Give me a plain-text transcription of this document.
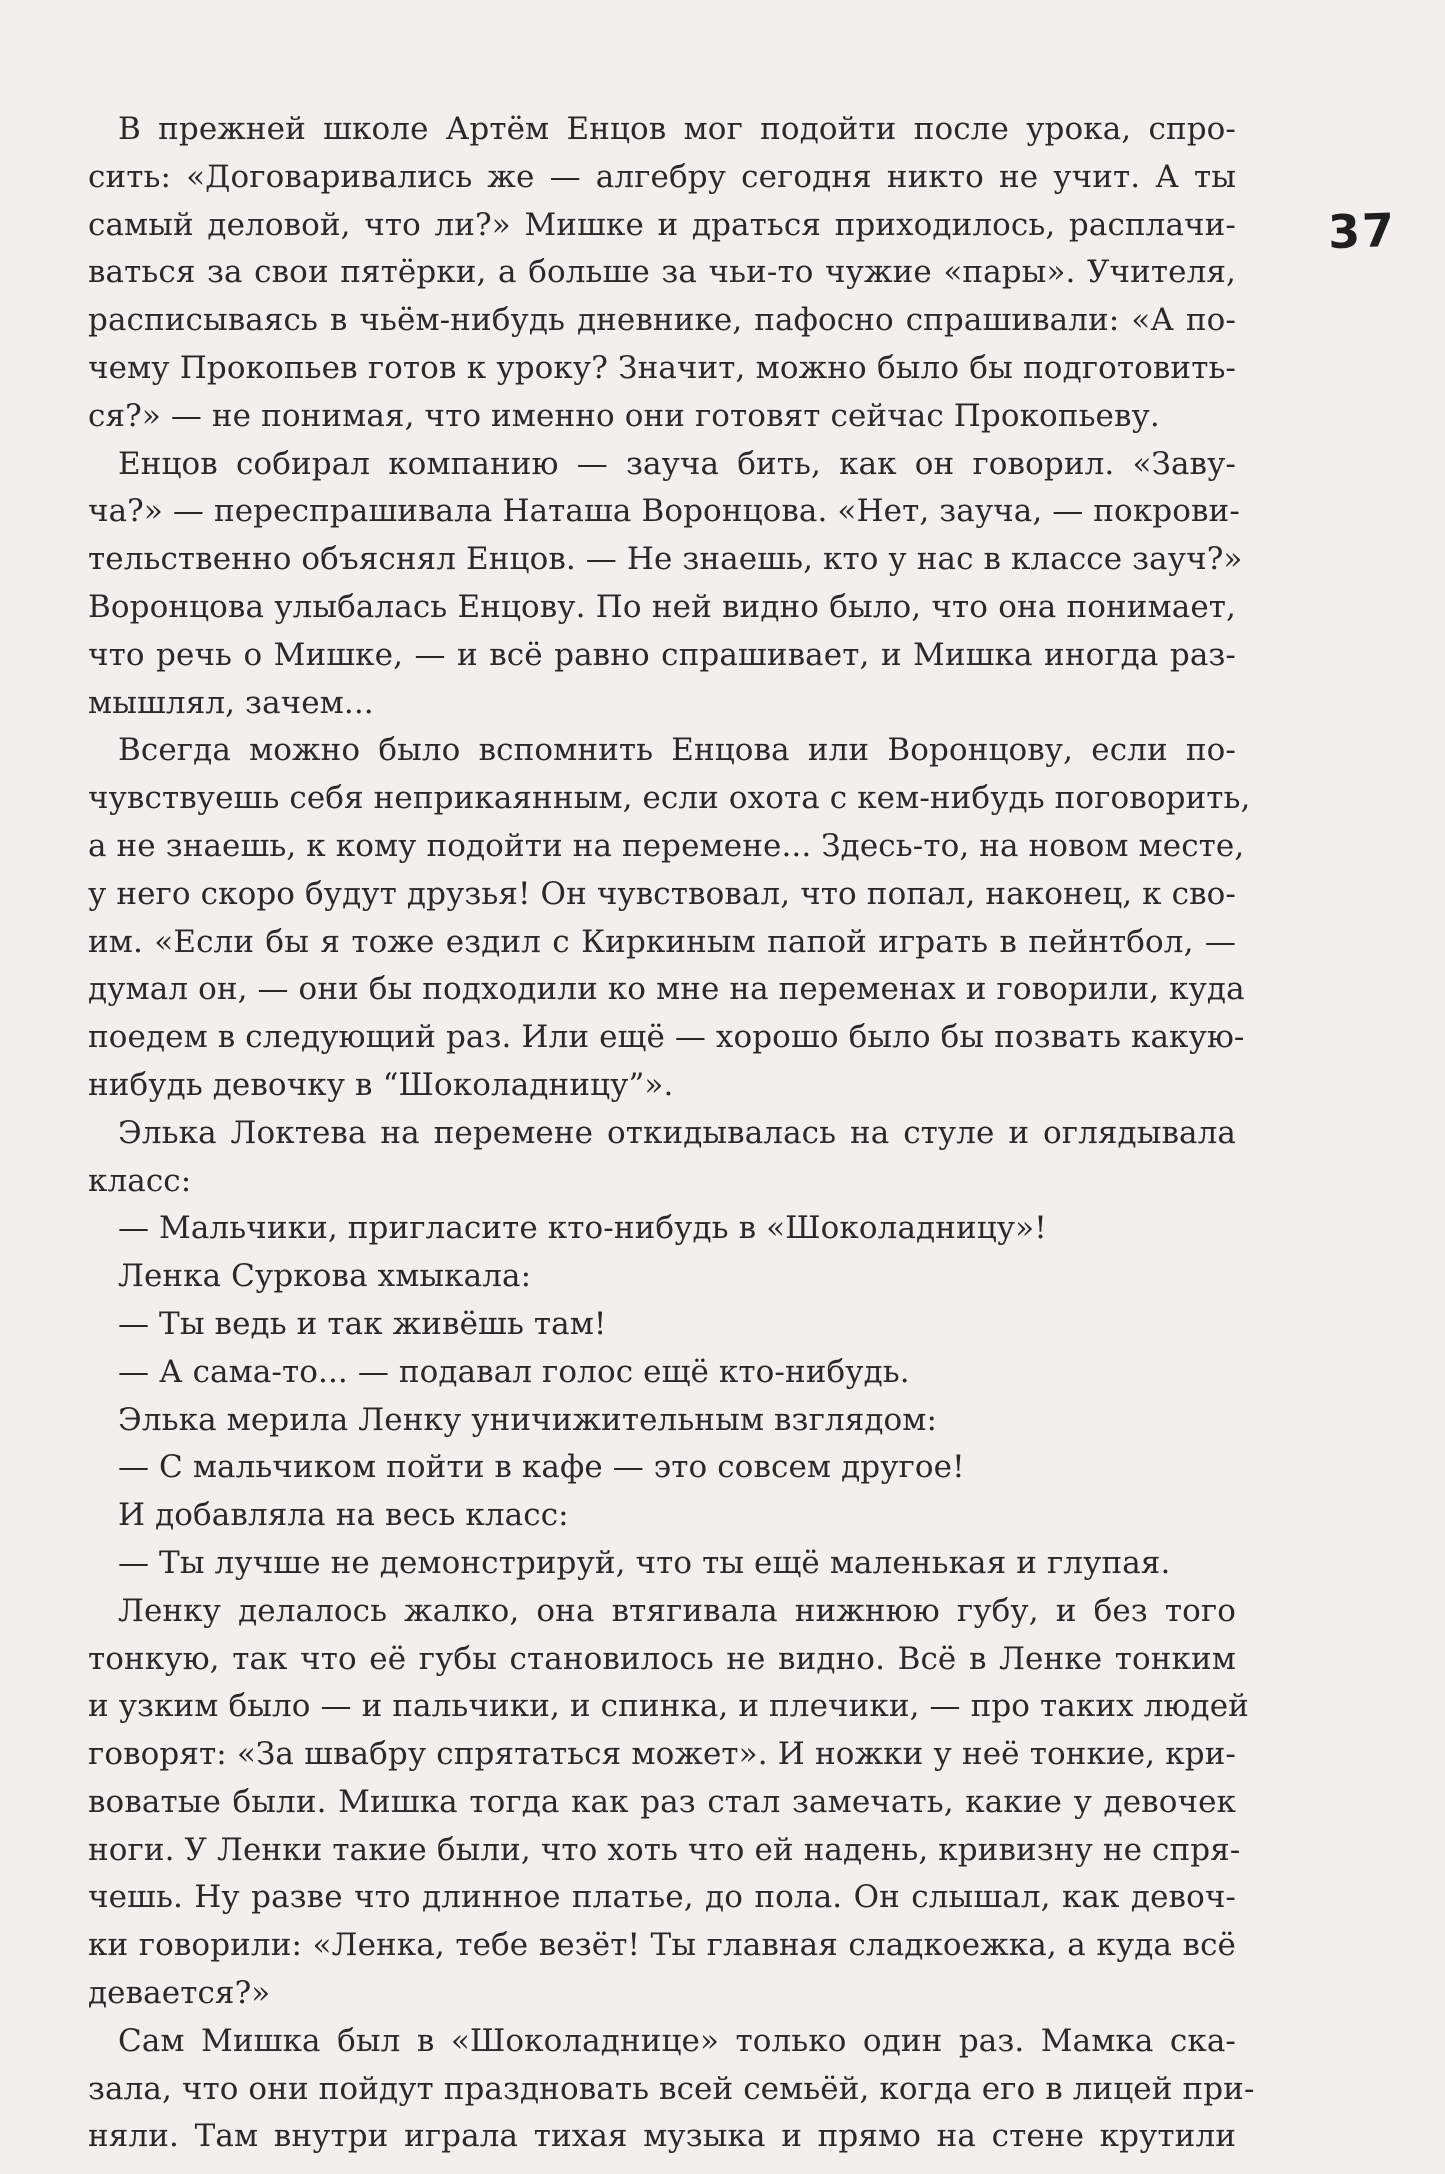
37
В прежней школе Артём Енцов мог подойти после урока, спро-
сить: «Договаривались же — алгебру сегодня никто не учит. А ты
самый деловой, что ли?» Мишке и драться приходилось, расплачи-
ваться за свои пятёрки, а больше за чьи-то чужие «пары». Учителя,
расписываясь в чьём-нибудь дневнике, пафосно спрашивали: «А по-
чему Прокопьев готов к уроку? Значит, можно было бы подготовить-
ся?» — не понимая, что именно они готовят сейчас Прокопьеву.
Енцов собирал компанию — зауча бить, как он говорил. «Заву-
ча?» — переспрашивала Наташа Воронцова. «Нет, зауча, — покрови-
тельственно объяснял Енцов. — Не знаешь, кто у нас в классе зауч?»
Воронцова улыбалась Енцову. По ней видно было, что она понимает,
что речь о Мишке, — и всё равно спрашивает, и Мишка иногда раз-
мышлял, зачем...
Всегда можно было вспомнить Енцова или Воронцову, если по-
чувствуешь себя неприкаянным, если охота с кем-нибудь поговорить,
а не знаешь, к кому подойти на перемене... Здесь-то, на новом месте,
у него скоро будут друзья! Он чувствовал, что попал, наконец, к сво-
им. «Если бы я тоже ездил с Киркиным папой играть в пейнтбол, —
думал он, — они бы подходили ко мне на переменах и говорили, куда
поедем в следующий раз. Или ещё — хорошо было бы позвать какую-
нибудь девочку в “Шоколадницу”».
Элька Локтева на перемене откидывалась на стуле и оглядывала
класс:
— Мальчики, пригласите кто-нибудь в «Шоколадницу»!
Ленка Суркова хмыкала:
— Ты ведь и так живёшь там!
— А сама-то... — подавал голос ещё кто-нибудь.
Элька мерила Ленку уничижительным взглядом:
— С мальчиком пойти в кафе — это совсем другое!
И добавляла на весь класс:
— Ты лучше не демонстрируй, что ты ещё маленькая и глупая.
Ленку делалось жалко, она втягивала нижнюю губу, и без того
тонкую, так что её губы становилось не видно. Всё в Ленке тонким
и узким было — и пальчики, и спинка, и плечики, — про таких людей
говорят: «За швабру спрятаться может». И ножки у неё тонкие, кри-
воватые были. Мишка тогда как раз стал замечать, какие у девочек
ноги. У Ленки такие были, что хоть что ей надень, кривизну не спря-
чешь. Ну разве что длинное платье, до пола. Он слышал, как девоч-
ки говорили: «Ленка, тебе везёт! Ты главная сладкоежка, а куда всё
девается?»
Сам Мишка был в «Шоколаднице» только один раз. Мамка ска-
зала, что они пойдут праздновать всей семьёй, когда его в лицей при-
няли. Там внутри играла тихая музыка и прямо на стене крутили
